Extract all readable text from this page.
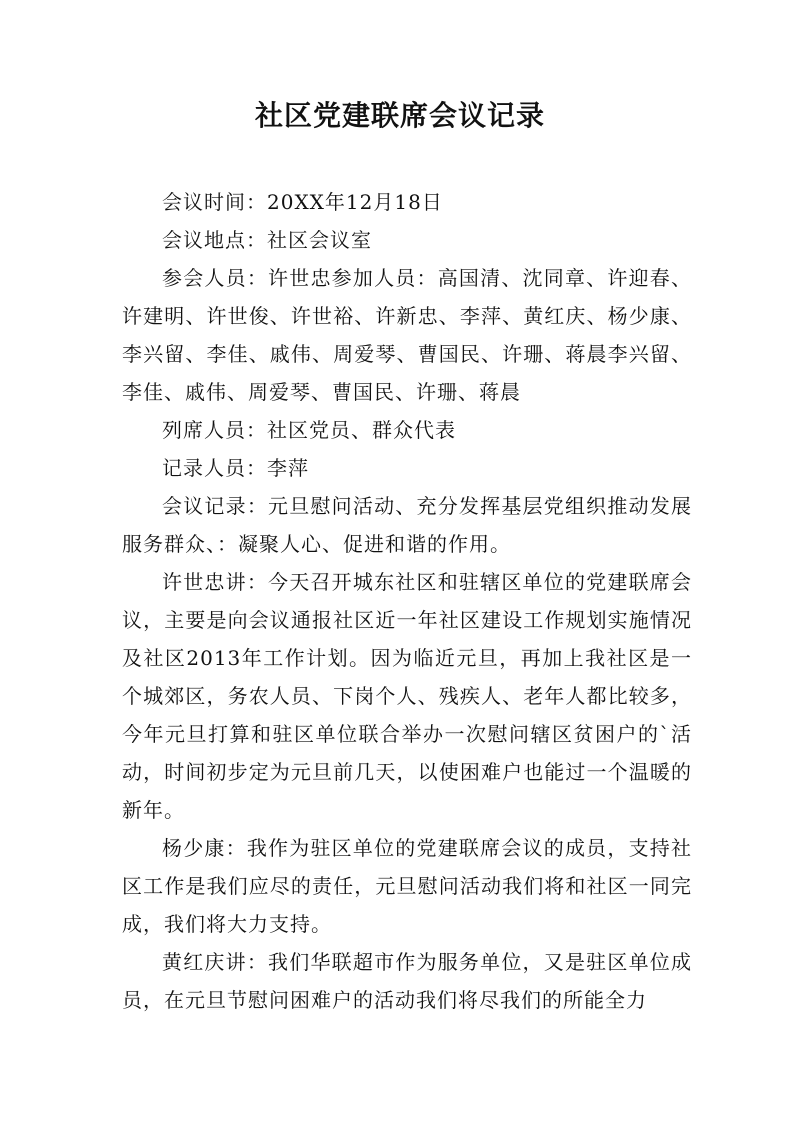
社区党建联席会议记录

会议时间：20XX年12月18日

会议地点：社区会议室

参会人员：许世忠参加人员：高国清、沈同章、许迎春、许建明、许世俊、许世裕、许新忠、李萍、黄红庆、杨少康、李兴留、李佳、戚伟、周爱琴、曹国民、许珊、蒋晨李兴留、李佳、戚伟、周爱琴、曹国民、许珊、蒋晨

列席人员：社区党员、群众代表

记录人员：李萍

会议记录：元旦慰问活动、充分发挥基层党组织推动发展服务群众、：凝聚人心、促进和谐的作用。

许世忠讲：今天召开城东社区和驻辖区单位的党建联席会议，主要是向会议通报社区近一年社区建设工作规划实施情况及社区2013年工作计划。因为临近元旦，再加上我社区是一个城郊区，务农人员、下岗个人、残疾人、老年人都比较多，今年元旦打算和驻区单位联合举办一次慰问辖区贫困户的`活动，时间初步定为元旦前几天，以使困难户也能过一个温暖的新年。

杨少康：我作为驻区单位的党建联席会议的成员，支持社区工作是我们应尽的责任，元旦慰问活动我们将和社区一同完成，我们将大力支持。

黄红庆讲：我们华联超市作为服务单位，又是驻区单位成员，在元旦节慰问困难户的活动我们将尽我们的所能全力
